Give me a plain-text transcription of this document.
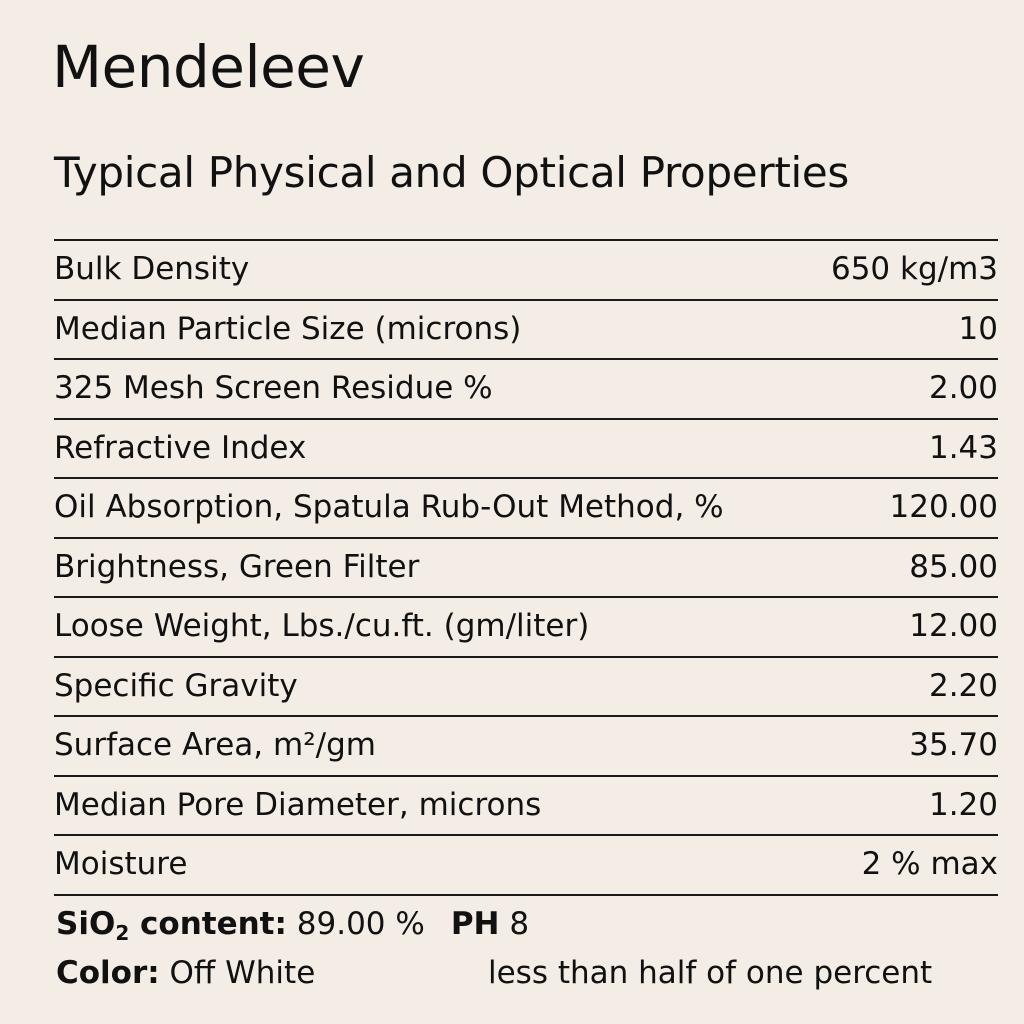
Mendeleev
Typical Physical and Optical Properties
Bulk Density	650 kg/m3
Median Particle Size (microns)	10
325 Mesh Screen Residue %	2.00
Refractive Index	1.43
Oil Absorption, Spatula Rub-Out Method, %	120.00
Brightness, Green Filter	85.00
Loose Weight, Lbs./cu.ft. (gm/liter)	12.00
Specific Gravity	2.20
Surface Area, m²/gm	35.70
Median Pore Diameter, microns	1.20
Moisture	2 % max
SiO$_2$ content: 89.00 % PH 8
Color: Off White	less than half of one percent
